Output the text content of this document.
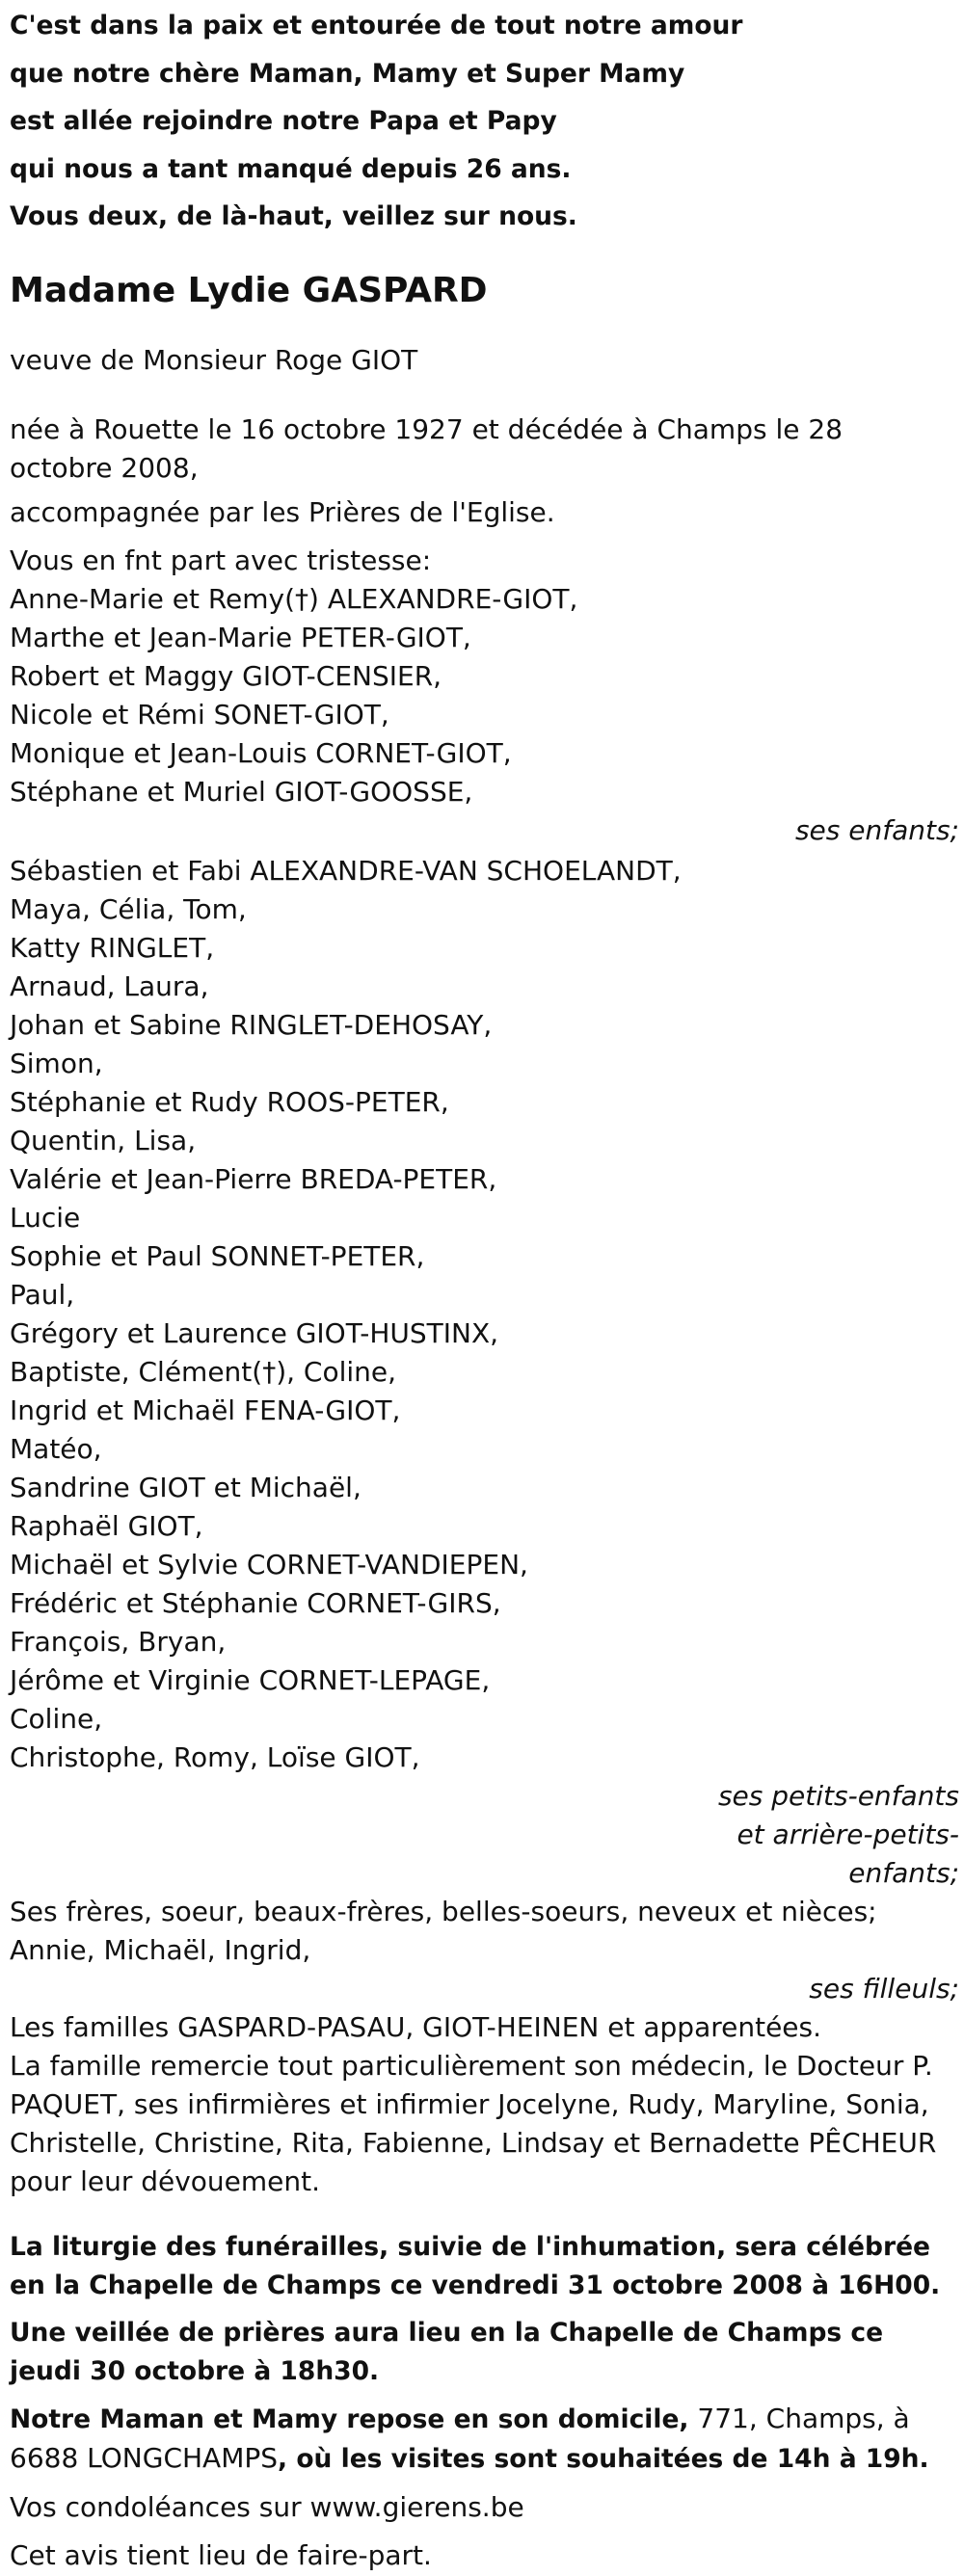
C'est dans la paix et entourée de tout notre amour
que notre chère Maman, Mamy et Super Mamy
est allée rejoindre notre Papa et Papy
qui nous a tant manqué depuis 26 ans.
Vous deux, de là-haut, veillez sur nous.
Madame Lydie GASPARD
veuve de Monsieur Roge GIOT
née à Rouette le 16 octobre 1927 et décédée à Champs le 28 octobre 2008,
accompagnée par les Prières de l'Eglise.
Vous en fnt part avec tristesse:
Anne-Marie et Remy(†) ALEXANDRE-GIOT,
Marthe et Jean-Marie PETER-GIOT,
Robert et Maggy GIOT-CENSIER,
Nicole et Rémi SONET-GIOT,
Monique et Jean-Louis CORNET-GIOT,
Stéphane et Muriel GIOT-GOOSSE,
ses enfants;
Sébastien et Fabi ALEXANDRE-VAN SCHOELANDT,
Maya, Célia, Tom,
Katty RINGLET,
Arnaud, Laura,
Johan et Sabine RINGLET-DEHOSAY,
Simon,
Stéphanie et Rudy ROOS-PETER,
Quentin, Lisa,
Valérie et Jean-Pierre BREDA-PETER,
Lucie
Sophie et Paul SONNET-PETER,
Paul,
Grégory et Laurence GIOT-HUSTINX,
Baptiste, Clément(†), Coline,
Ingrid et Michaël FENA-GIOT,
Matéo,
Sandrine GIOT et Michaël,
Raphaël GIOT,
Michaël et Sylvie CORNET-VANDIEPEN,
Frédéric et Stéphanie CORNET-GIRS,
François, Bryan,
Jérôme et Virginie CORNET-LEPAGE,
Coline,
Christophe, Romy, Loïse GIOT,
ses petits-enfants
et arrière-petits-
enfants;
Ses frères, soeur, beaux-frères, belles-soeurs, neveux et nièces;
Annie, Michaël, Ingrid,
ses filleuls;
Les familles GASPARD-PASAU, GIOT-HEINEN et apparentées.
La famille remercie tout particulièrement son médecin, le Docteur P. PAQUET, ses infirmières et infirmier Jocelyne, Rudy, Maryline, Sonia, Christelle, Christine, Rita, Fabienne, Lindsay et Bernadette PÊCHEUR pour leur dévouement.
La liturgie des funérailles, suivie de l'inhumation, sera célébrée en la Chapelle de Champs ce vendredi 31 octobre 2008 à 16H00.
Une veillée de prières aura lieu en la Chapelle de Champs ce jeudi 30 octobre à 18h30.
Notre Maman et Mamy repose en son domicile, 771, Champs, à 6688 LONGCHAMPS, où les visites sont souhaitées de 14h à 19h.
Vos condoléances sur www.gierens.be
Cet avis tient lieu de faire-part.
